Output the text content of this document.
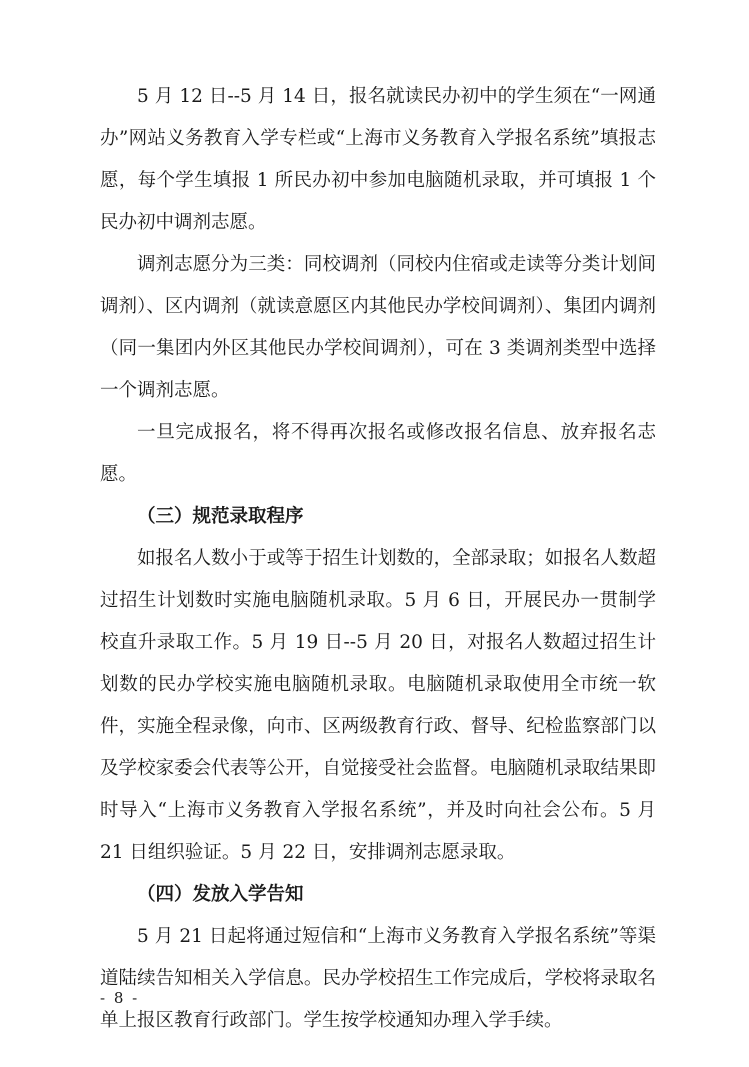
5 月 12 日--5 月 14 日，报名就读民办初中的学生须在“一网通办”网站义务教育入学专栏或“上海市义务教育入学报名系统”填报志愿，每个学生填报 1 所民办初中参加电脑随机录取，并可填报 1 个民办初中调剂志愿。

调剂志愿分为三类：同校调剂（同校内住宿或走读等分类计划间调剂）、区内调剂（就读意愿区内其他民办学校间调剂）、集团内调剂（同一集团内外区其他民办学校间调剂），可在 3 类调剂类型中选择一个调剂志愿。

一旦完成报名，将不得再次报名或修改报名信息、放弃报名志愿。

（三）规范录取程序

如报名人数小于或等于招生计划数的，全部录取；如报名人数超过招生计划数时实施电脑随机录取。5 月 6 日，开展民办一贯制学校直升录取工作。5 月 19 日--5 月 20 日，对报名人数超过招生计划数的民办学校实施电脑随机录取。电脑随机录取使用全市统一软件，实施全程录像，向市、区两级教育行政、督导、纪检监察部门以及学校家委会代表等公开，自觉接受社会监督。电脑随机录取结果即时导入“上海市义务教育入学报名系统”，并及时向社会公布。5 月 21 日组织验证。5 月 22 日，安排调剂志愿录取。

（四）发放入学告知

5 月 21 日起将通过短信和“上海市义务教育入学报名系统”等渠道陆续告知相关入学信息。民办学校招生工作完成后，学校将录取名单上报区教育行政部门。学生按学校通知办理入学手续。

- 8 -
